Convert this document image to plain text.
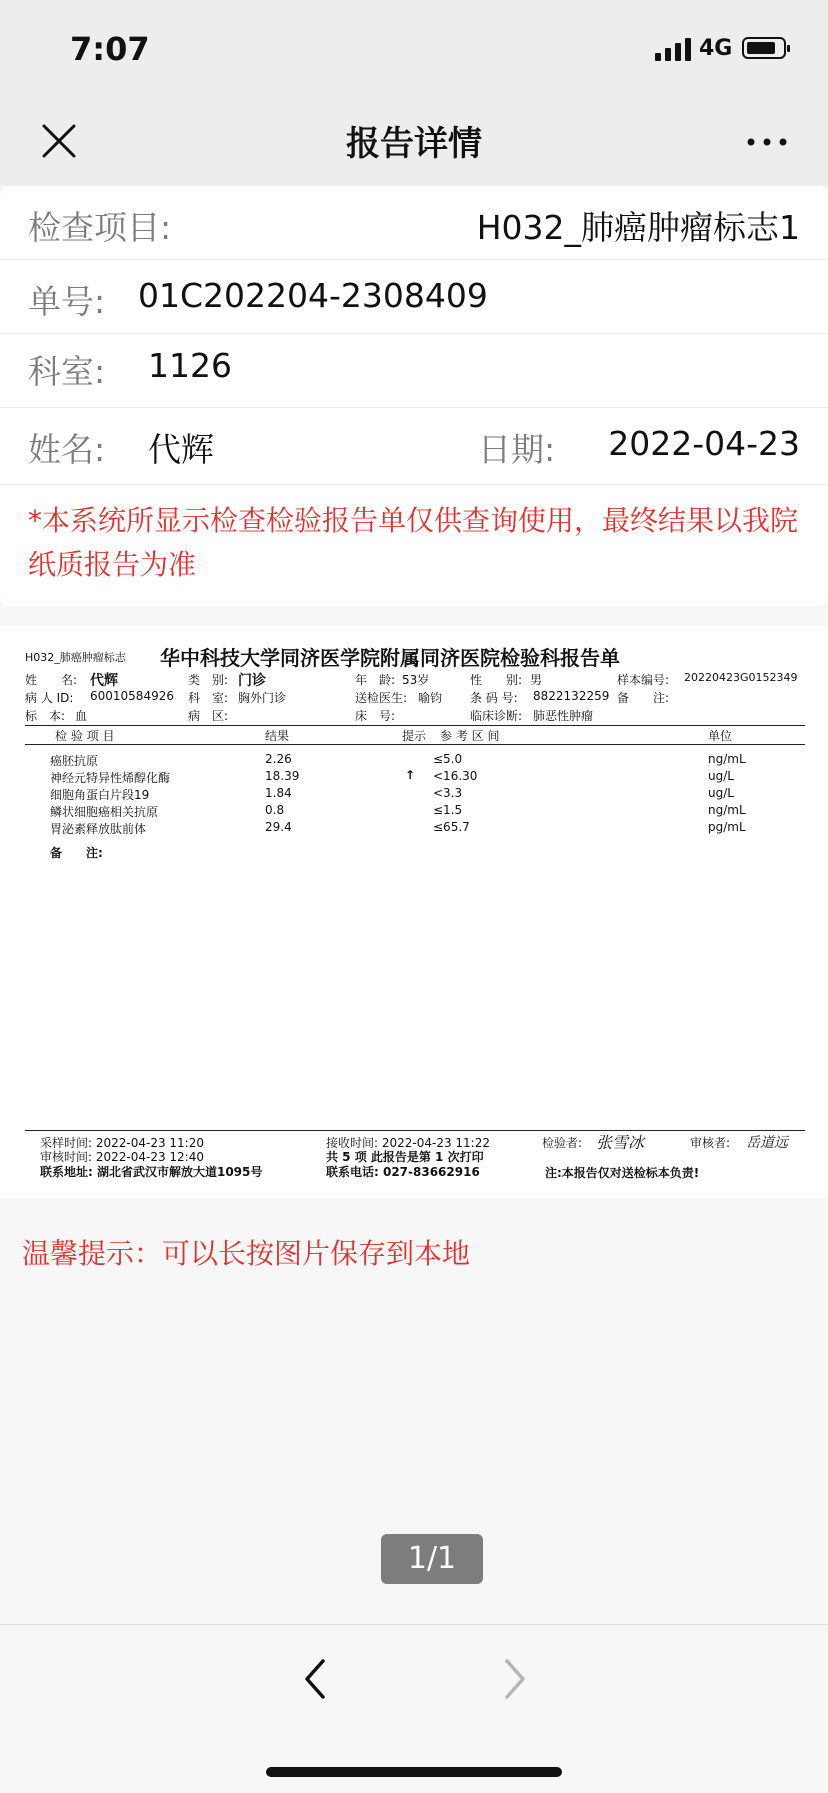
7:07	4G
报告详情
检查项目:	H032_肺癌肿瘤标志1
单号: 01C202204-2308409
科室: 1126
姓名: 代辉	日期: 2022-04-23
*本系统所显示检查检验报告单仅供查询使用，最终结果以我院纸质报告为准
H032_肺癌肿瘤标志 华中科技大学同济医学院附属同济医院检验科报告单
姓　　名: 代辉	类　别: 门诊	年　龄: 53岁	性　　别: 男	样本编号: 20220423G0152349
病 人 ID: 60010584926 科　室: 胸外门诊	送检医生: 喻钧 条 码 号: 8822132259 备　　注:
标　本: 血	病　区:	床　号:	临床诊断: 肺恶性肿瘤
检 验 项 目	结果	提示 参 考 区 间	单位
癌胚抗原	2.26	≤5.0	ng/mL
神经元特异性烯醇化酶	18.39	↑ <16.30	ug/L
细胞角蛋白片段19	1.84	<3.3	ug/L
鳞状细胞癌相关抗原	0.8	≤1.5	ng/mL
胃泌素释放肽前体	29.4	≤65.7	pg/mL
备　　注:
采样时间: 2022-04-23 11:20
审核时间: 2022-04-23 12:40
联系地址: 湖北省武汉市解放大道1095号
接收时间: 2022-04-23 11:22
共 5 项 此报告是第 1 次打印
联系电话: 027-83662916
检验者: 张雪冰	审核者: 岳道远
注:本报告仅对送检标本负责!
温馨提示：可以长按图片保存到本地
1/1
